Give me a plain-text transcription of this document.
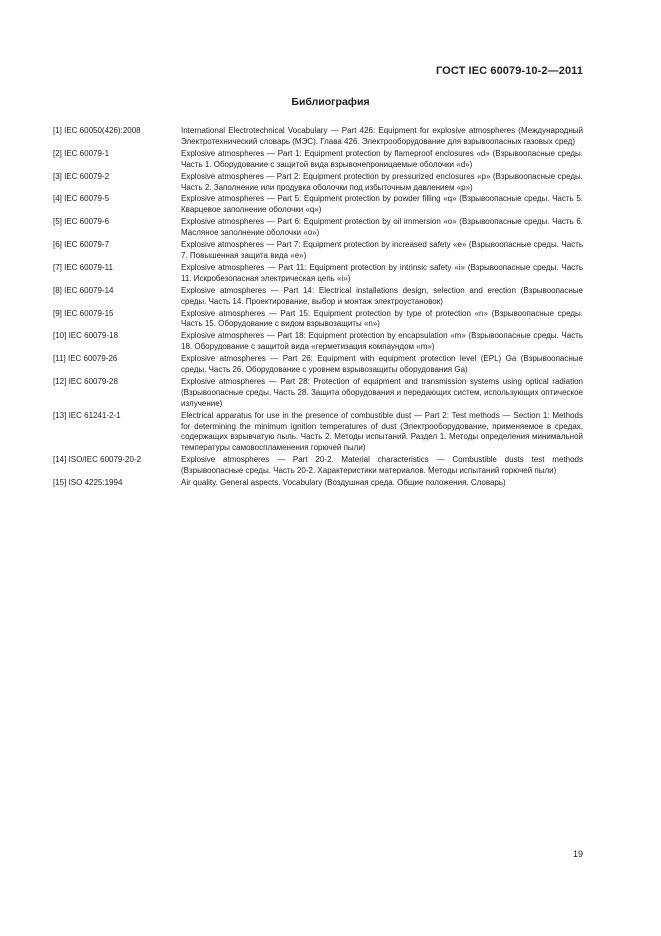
ГОСТ IEC 60079-10-2—2011
Библиография
[1] IEC 60050(426):2008	International Electrotechnical Vocabulary — Part 426: Equipment for explosive atmospheres (Международный Электротехнический словарь (МЭС). Глава 426. Электрооборудование для взрывоопасных газовых сред)
[2] IEC 60079-1	Explosive atmospheres — Part 1: Equipment protection by flameproof enclosures «d» (Взрывоопасные среды. Часть 1. Оборудование с защитой вида взрывонепроницаемые оболочки «d»)
[3] IEC 60079-2	Explosive atmospheres — Part 2: Equipment protection by pressurized enclosures «p» (Взрывоопасные среды. Часть 2. Заполнение или продувка оболочки под избыточным давлением «p»)
[4] IEC 60079-5	Explosive atmospheres — Part 5: Equipment protection by powder filling «q» (Взрывоопасные среды. Часть 5. Кварцевое заполнение оболочки «q»)
[5] IEC 60079-6	Explosive atmospheres — Part 6: Equipment protection by oil immersion «o» (Взрывоопасные среды. Часть 6. Масляное заполнение оболочки «o»)
[6] IEC 60079-7	Explosive atmospheres — Part 7: Equipment protection by increased safety «e» (Взрывоопасные среды. Часть 7. Повышенная защита вида «e»)
[7] IEC 60079-11	Explosive atmospheres — Part 11: Equipment protection by intrinsic safety «i» (Взрывоопасные среды. Часть 11. Искробезопасная электрическая цепь «i»)
[8] IEC 60079-14	Explosive atmospheres — Part 14: Electrical installations design, selection and erection (Взрывоопасные среды. Часть 14. Проектирование, выбор и монтаж электроустановок)
[9] IEC 60079-15	Explosive atmospheres — Part 15: Equipment protection by type of protection «n» (Взрывоопасные среды. Часть 15. Оборудование с видом взрывозащиты «n»)
[10] IEC 60079-18	Explosive atmospheres — Part 18: Equipment protection by encapsulation «m» (Взрывоопасные среды. Часть 18. Оборудование с защитой вида «герметизация компаундом «m»)
[11] IEC 60079-26	Explosive atmospheres — Part 26: Equipment with equipment protection level (EPL) Ga (Взрывоопасные среды. Часть 26. Оборудование с уровнем взрывозащиты оборудования Ga)
[12] IEC 60079-28	Explosive atmospheres — Part 28: Protection of equipment and transmission systems using optical radiation (Взрывоопасные среды. Часть 28. Защита оборудования и передающих систем, использующих оптическое излучение)
[13] IEC 61241-2-1	Electrical apparatus for use in the presence of combustible dust — Part 2: Test methods — Section 1: Methods for determining the minimum ignition temperatures of dust (Электрооборудование, применяемое в средах, содержащих взрывчатую пыль. Часть 2. Методы испытаний. Раздел 1. Методы определения минимальной температуры самовоспламенения горючей пыли)
[14] ISO/IEC 60079-20-2	Explosive atmospheres — Part 20-2. Material characteristics — Combustible dusts test methods (Взрывоопасные среды. Часть 20-2. Характеристики материалов. Методы испытаний горючей пыли)
[15] ISO 4225:1994	Air quality. General aspects. Vocabulary (Воздушная среда. Общие положения. Словарь)
19
